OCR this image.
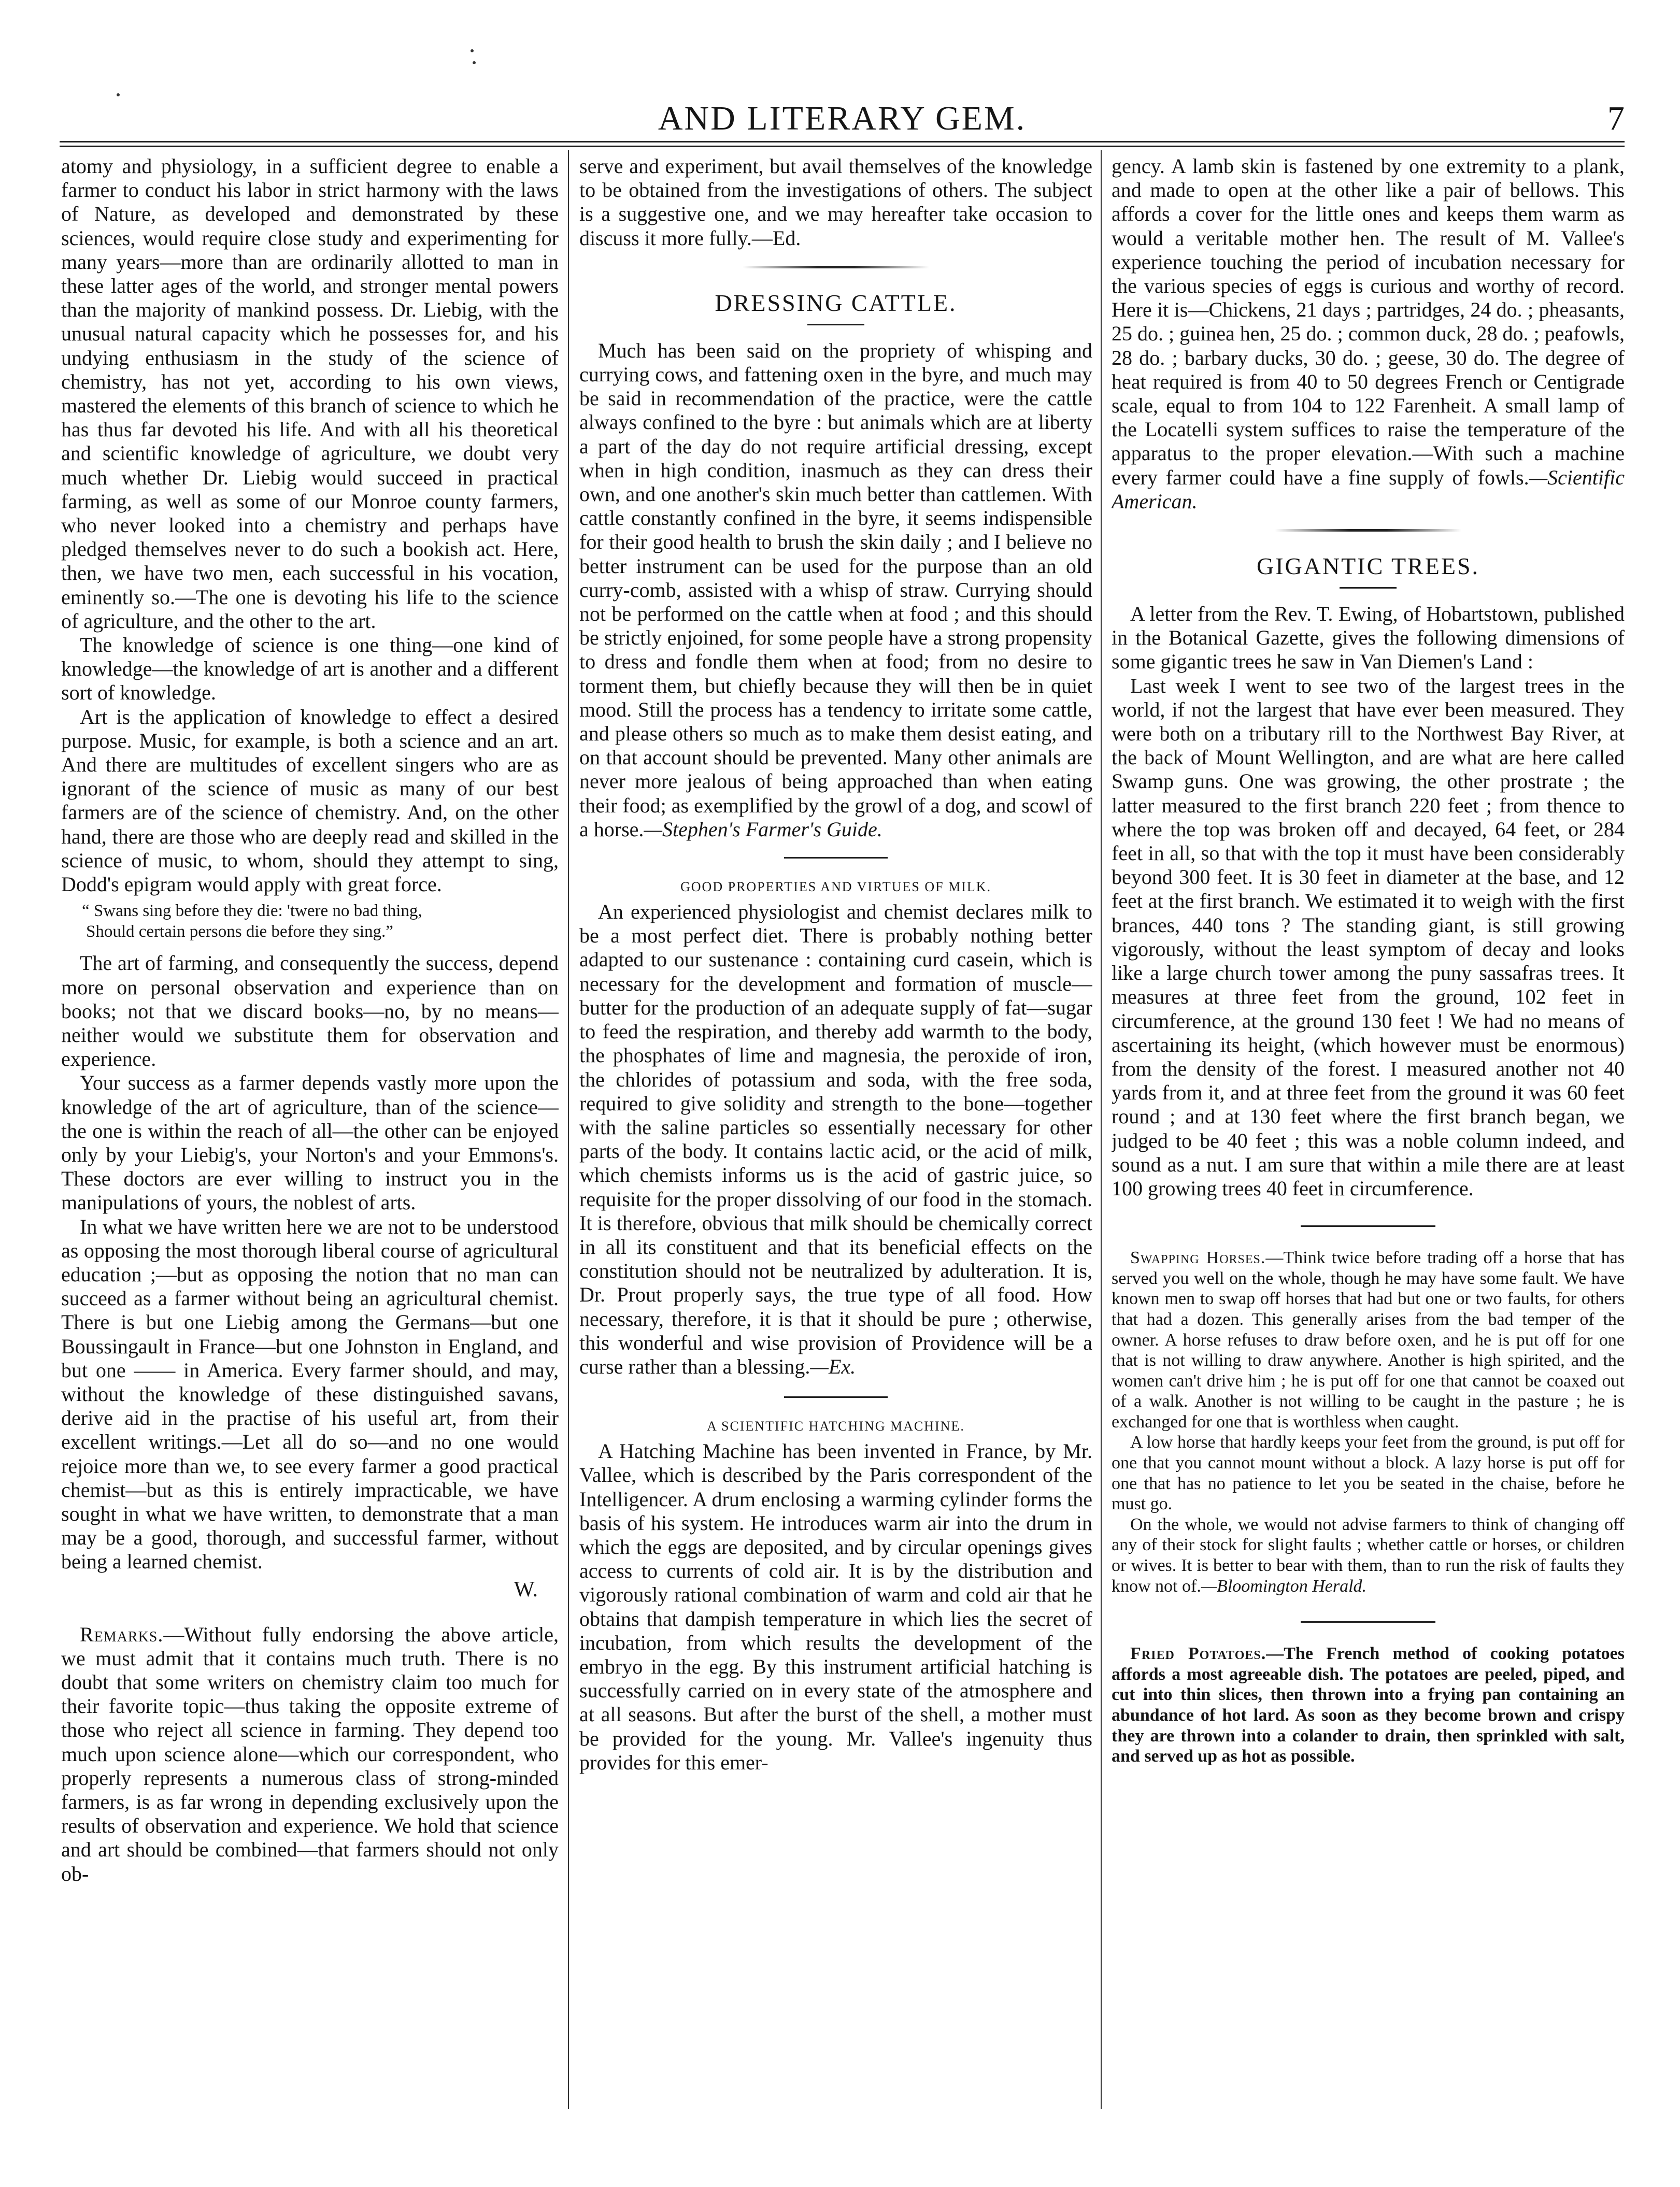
AND LITERARY GEM.	7

atomy and physiology, in a sufficient degree to enable a farmer to conduct his labor in strict harmony with the laws of Nature, as developed and demonstrated by these sciences, would require close study and experimenting for many years—more than are ordinarily allotted to man in these latter ages of the world, and stronger mental powers than the majority of mankind possess. Dr. Liebig, with the unusual natural capacity which he possesses for, and his undying enthusiasm in the study of the science of chemistry, has not yet, according to his own views, mastered the elements of this branch of science to which he has thus far devoted his life. And with all his theoretical and scientific knowledge of agriculture, we doubt very much whether Dr. Liebig would succeed in practical farming, as well as some of our Monroe county farmers, who never looked into a chemistry and perhaps have pledged themselves never to do such a bookish act. Here, then, we have two men, each successful in his vocation, eminently so.—The one is devoting his life to the science of agriculture, and the other to the art.

The knowledge of science is one thing—one kind of knowledge—the knowledge of art is another and a different sort of knowledge.

Art is the application of knowledge to effect a desired purpose. Music, for example, is both a science and an art. And there are multitudes of excellent singers who are as ignorant of the science of music as many of our best farmers are of the science of chemistry. And, on the other hand, there are those who are deeply read and skilled in the science of music, to whom, should they attempt to sing, Dodd's epigram would apply with great force.

“ Swans sing before they die: 'twere no bad thing,
Should certain persons die before they sing.”

The art of farming, and consequently the success, depend more on personal observation and experience than on books; not that we discard books—no, by no means—neither would we substitute them for observation and experience.

Your success as a farmer depends vastly more upon the knowledge of the art of agriculture, than of the science—the one is within the reach of all—the other can be enjoyed only by your Liebig's, your Norton's and your Emmons's. These doctors are ever willing to instruct you in the manipulations of yours, the noblest of arts.

In what we have written here we are not to be understood as opposing the most thorough liberal course of agricultural education ;—but as opposing the notion that no man can succeed as a farmer without being an agricultural chemist. There is but one Liebig among the Germans—but one Boussingault in France—but one Johnston in England, and but one —— in America. Every farmer should, and may, without the knowledge of these distinguished savans, derive aid in the practise of his useful art, from their excellent writings.—Let all do so—and no one would rejoice more than we, to see every farmer a good practical chemist—but as this is entirely impracticable, we have sought in what we have written, to demonstrate that a man may be a good, thorough, and successful farmer, without being a learned chemist.

W.

Remarks.—Without fully endorsing the above article, we must admit that it contains much truth. There is no doubt that some writers on chemistry claim too much for their favorite topic—thus taking the opposite extreme of those who reject all science in farming. They depend too much upon science alone—which our correspondent, who properly represents a numerous class of strong-minded farmers, is as far wrong in depending exclusively upon the results of observation and experience. We hold that science and art should be combined—that farmers should not only ob-

serve and experiment, but avail themselves of the knowledge to be obtained from the investigations of others. The subject is a suggestive one, and we may hereafter take occasion to discuss it more fully.—Ed.

DRESSING CATTLE.

Much has been said on the propriety of whisping and currying cows, and fattening oxen in the byre, and much may be said in recommendation of the practice, were the cattle always confined to the byre : but animals which are at liberty a part of the day do not require artificial dressing, except when in high condition, inasmuch as they can dress their own, and one another's skin much better than cattlemen. With cattle constantly confined in the byre, it seems indispensible for their good health to brush the skin daily ; and I believe no better instrument can be used for the purpose than an old curry-comb, assisted with a whisp of straw. Currying should not be performed on the cattle when at food ; and this should be strictly enjoined, for some people have a strong propensity to dress and fondle them when at food; from no desire to torment them, but chiefly because they will then be in quiet mood. Still the process has a tendency to irritate some cattle, and please others so much as to make them desist eating, and on that account should be prevented. Many other animals are never more jealous of being approached than when eating their food; as exemplified by the growl of a dog, and scowl of a horse.—Stephen's Farmer's Guide.

GOOD PROPERTIES AND VIRTUES OF MILK.

An experienced physiologist and chemist declares milk to be a most perfect diet. There is probably nothing better adapted to our sustenance : containing curd casein, which is necessary for the development and formation of muscle—butter for the production of an adequate supply of fat—sugar to feed the respiration, and thereby add warmth to the body, the phosphates of lime and magnesia, the peroxide of iron, the chlorides of potassium and soda, with the free soda, required to give solidity and strength to the bone—together with the saline particles so essentially necessary for other parts of the body. It contains lactic acid, or the acid of milk, which chemists informs us is the acid of gastric juice, so requisite for the proper dissolving of our food in the stomach. It is therefore, obvious that milk should be chemically correct in all its constituent and that its beneficial effects on the constitution should not be neutralized by adulteration. It is, Dr. Prout properly says, the true type of all food. How necessary, therefore, it is that it should be pure ; otherwise, this wonderful and wise provision of Providence will be a curse rather than a blessing.—Ex.

A SCIENTIFIC HATCHING MACHINE.

A Hatching Machine has been invented in France, by Mr. Vallee, which is described by the Paris correspondent of the Intelligencer. A drum enclosing a warming cylinder forms the basis of his system. He introduces warm air into the drum in which the eggs are deposited, and by circular openings gives access to currents of cold air. It is by the distribution and vigorously rational combination of warm and cold air that he obtains that dampish temperature in which lies the secret of incubation, from which results the development of the embryo in the egg. By this instrument artificial hatching is successfully carried on in every state of the atmosphere and at all seasons. But after the burst of the shell, a mother must be provided for the young. Mr. Vallee's ingenuity thus provides for this emer-

gency. A lamb skin is fastened by one extremity to a plank, and made to open at the other like a pair of bellows. This affords a cover for the little ones and keeps them warm as would a veritable mother hen. The result of M. Vallee's experience touching the period of incubation necessary for the various species of eggs is curious and worthy of record. Here it is—Chickens, 21 days ; partridges, 24 do. ; pheasants, 25 do. ; guinea hen, 25 do. ; common duck, 28 do. ; peafowls, 28 do. ; barbary ducks, 30 do. ; geese, 30 do. The degree of heat required is from 40 to 50 degrees French or Centigrade scale, equal to from 104 to 122 Farenheit. A small lamp of the Locatelli system suffices to raise the temperature of the apparatus to the proper elevation.—With such a machine every farmer could have a fine supply of fowls.—Scientific American.

GIGANTIC TREES.

A letter from the Rev. T. Ewing, of Hobartstown, published in the Botanical Gazette, gives the following dimensions of some gigantic trees he saw in Van Diemen's Land :

Last week I went to see two of the largest trees in the world, if not the largest that have ever been measured. They were both on a tributary rill to the Northwest Bay River, at the back of Mount Wellington, and are what are here called Swamp guns. One was growing, the other prostrate ; the latter measured to the first branch 220 feet ; from thence to where the top was broken off and decayed, 64 feet, or 284 feet in all, so that with the top it must have been considerably beyond 300 feet. It is 30 feet in diameter at the base, and 12 feet at the first branch. We estimated it to weigh with the first brances, 440 tons ? The standing giant, is still growing vigorously, without the least symptom of decay and looks like a large church tower among the puny sassafras trees. It measures at three feet from the ground, 102 feet in circumference, at the ground 130 feet ! We had no means of ascertaining its height, (which however must be enormous) from the density of the forest. I measured another not 40 yards from it, and at three feet from the ground it was 60 feet round ; and at 130 feet where the first branch began, we judged to be 40 feet ; this was a noble column indeed, and sound as a nut. I am sure that within a mile there are at least 100 growing trees 40 feet in circumference.

Swapping Horses.—Think twice before trading off a horse that has served you well on the whole, though he may have some fault. We have known men to swap off horses that had but one or two faults, for others that had a dozen. This generally arises from the bad temper of the owner. A horse refuses to draw before oxen, and he is put off for one that is not willing to draw anywhere. Another is high spirited, and the women can't drive him ; he is put off for one that cannot be coaxed out of a walk. Another is not willing to be caught in the pasture ; he is exchanged for one that is worthless when caught.

A low horse that hardly keeps your feet from the ground, is put off for one that you cannot mount without a block. A lazy horse is put off for one that has no patience to let you be seated in the chaise, before he must go.

On the whole, we would not advise farmers to think of changing off any of their stock for slight faults ; whether cattle or horses, or children or wives. It is better to bear with them, than to run the risk of faults they know not of.—Bloomington Herald.

Fried Potatoes.—The French method of cooking potatoes affords a most agreeable dish. The potatoes are peeled, piped, and cut into thin slices, then thrown into a frying pan containing an abundance of hot lard. As soon as they become brown and crispy they are thrown into a colander to drain, then sprinkled with salt, and served up as hot as possible.
